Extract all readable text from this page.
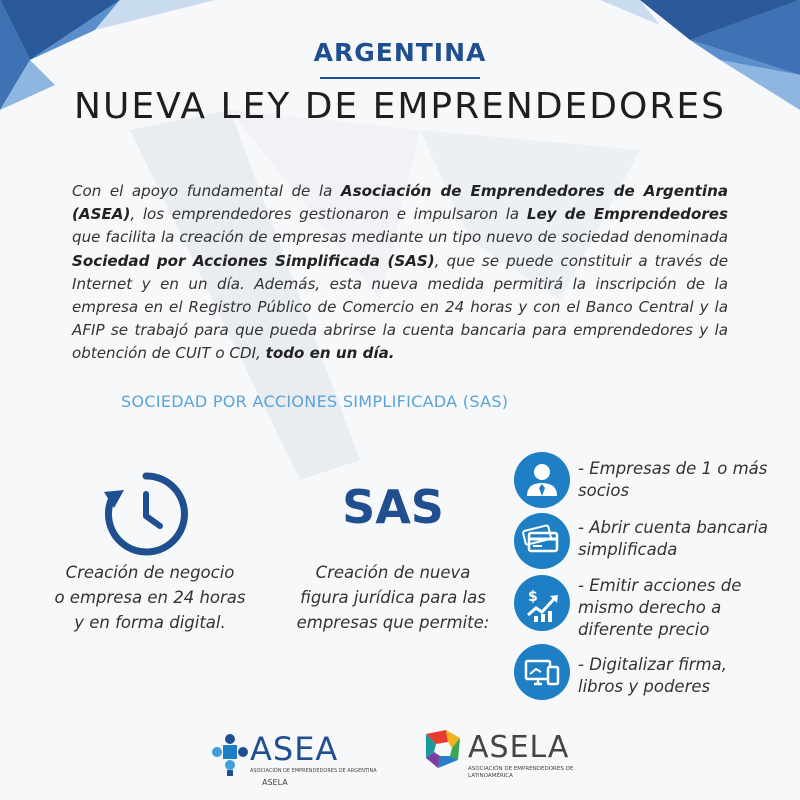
ARGENTINA
NUEVA LEY DE EMPRENDEDORES
Con el apoyo fundamental de la Asociación de Emprendedores de Argentina (ASEA), los emprendedores gestionaron e impulsaron la Ley de Emprendedores que facilita la creación de empresas mediante un tipo nuevo de sociedad denominada Sociedad por Acciones Simplificada (SAS), que se puede constituir a través de Internet y en un día. Además, esta nueva medida permitirá la inscripción de la empresa en el Registro Público de Comercio en 24 horas y con el Banco Central y la AFIP se trabajó para que pueda abrirse la cuenta bancaria para emprendedores y la obtención de CUIT o CDI, todo en un día.
SOCIEDAD POR ACCIONES SIMPLIFICADA (SAS)
Creación de negocio
o empresa en 24 horas
y en forma digital.
SAS
Creación de nueva
figura jurídica para las
empresas que permite:
- Empresas de 1 o más
socios
- Abrir cuenta bancaria
simplificada
$
- Emitir acciones de
mismo derecho a
diferente precio
- Digitalizar firma,
libros y poderes
ASEA
ASOCIACIÓN DE EMPRENDEDORES DE ARGENTINA
ASELA
ASELA
ASOCIACIÓN DE EMPRENDEDORES DE LATINOAMÉRICA
